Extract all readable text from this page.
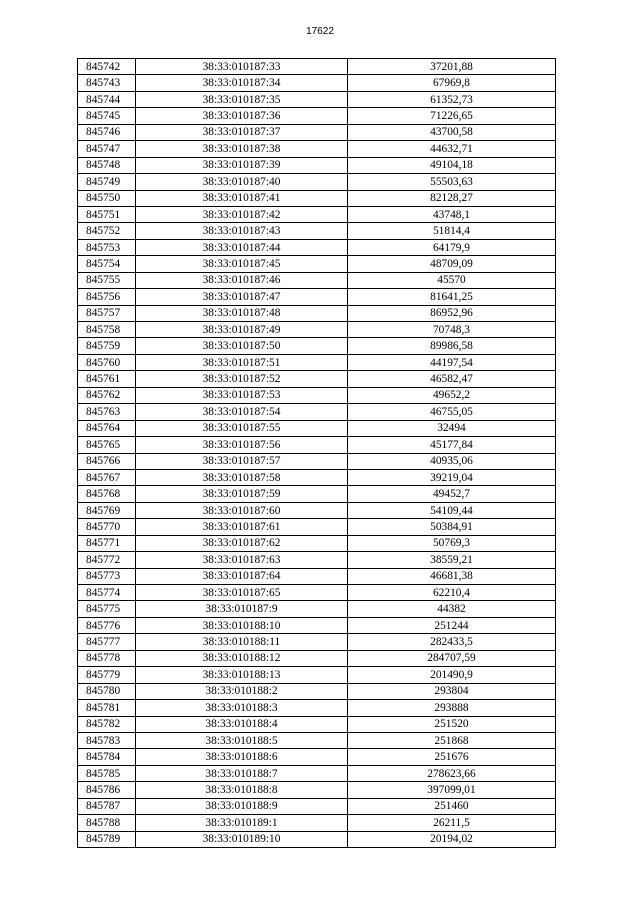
17622
845742	38:33:010187:33	37201,88
845743	38:33:010187:34	67969,8
845744	38:33:010187:35	61352,73
845745	38:33:010187:36	71226,65
845746	38:33:010187:37	43700,58
845747	38:33:010187:38	44632,71
845748	38:33:010187:39	49104,18
845749	38:33:010187:40	55503,63
845750	38:33:010187:41	82128,27
845751	38:33:010187:42	43748,1
845752	38:33:010187:43	51814,4
845753	38:33:010187:44	64179,9
845754	38:33:010187:45	48709,09
845755	38:33:010187:46	45570
845756	38:33:010187:47	81641,25
845757	38:33:010187:48	86952,96
845758	38:33:010187:49	70748,3
845759	38:33:010187:50	89986,58
845760	38:33:010187:51	44197,54
845761	38:33:010187:52	46582,47
845762	38:33:010187:53	49652,2
845763	38:33:010187:54	46755,05
845764	38:33:010187:55	32494
845765	38:33:010187:56	45177,84
845766	38:33:010187:57	40935,06
845767	38:33:010187:58	39219,04
845768	38:33:010187:59	49452,7
845769	38:33:010187:60	54109,44
845770	38:33:010187:61	50384,91
845771	38:33:010187:62	50769,3
845772	38:33:010187:63	38559,21
845773	38:33:010187:64	46681,38
845774	38:33:010187:65	62210,4
845775	38:33:010187:9	44382
845776	38:33:010188:10	251244
845777	38:33:010188:11	282433,5
845778	38:33:010188:12	284707,59
845779	38:33:010188:13	201490,9
845780	38:33:010188:2	293804
845781	38:33:010188:3	293888
845782	38:33:010188:4	251520
845783	38:33:010188:5	251868
845784	38:33:010188:6	251676
845785	38:33:010188:7	278623,66
845786	38:33:010188:8	397099,01
845787	38:33:010188:9	251460
845788	38:33:010189:1	26211,5
845789	38:33:010189:10	20194,02
